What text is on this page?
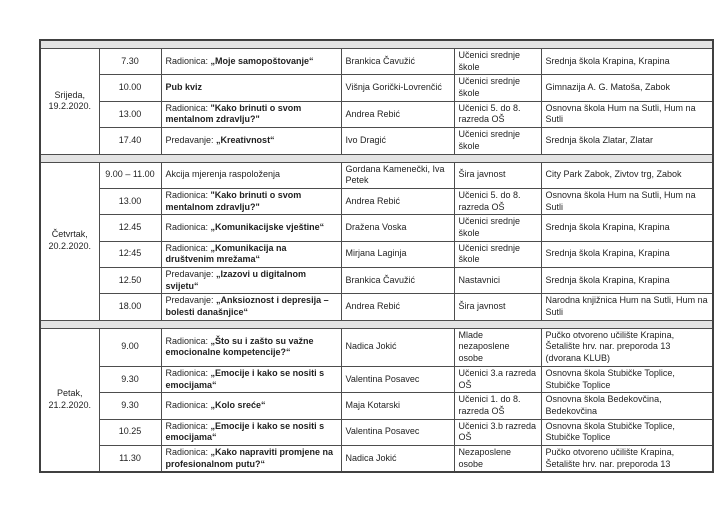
Srijeda,
19.2.2020.	7.30	Radionica: „Moje samopoštovanje“	Brankica Čavužić	Učenici srednje škole	Srednja škola Krapina, Krapina
	10.00	Pub kviz	Višnja Gorički-Lovrenčić	Učenici srednje škole	Gimnazija A. G. Matoša, Zabok
	13.00	Radionica: "Kako brinuti o svom mentalnom zdravlju?"	Andrea Rebić	Učenici 5. do 8. razreda OŠ	Osnovna škola Hum na Sutli, Hum na Sutli
	17.40	Predavanje: „Kreativnost“	Ivo Dragić	Učenici srednje škole	Srednja škola Zlatar, Zlatar

Četvrtak,
20.2.2020.	9.00 – 11.00	Akcija mjerenja raspoloženja	Gordana Kamenečki, Iva Petek	Šira javnost	City Park Zabok, Zivtov trg, Zabok
	13.00	Radionica: "Kako brinuti o svom mentalnom zdravlju?"	Andrea Rebić	Učenici 5. do 8. razreda OŠ	Osnovna škola Hum na Sutli, Hum na Sutli
	12.45	Radionica: „Komunikacijske vještine“	Dražena Voska	Učenici srednje škole	Srednja škola Krapina, Krapina
	12:45	Radionica: „Komunikacija na društvenim mrežama“	Mirjana Laginja	Učenici srednje škole	Srednja škola Krapina, Krapina
	12.50	Predavanje: „Izazovi u digitalnom svijetu“	Brankica Čavužić	Nastavnici	Srednja škola Krapina, Krapina
	18.00	Predavanje: „Anksioznost i depresija – bolesti današnjice“	Andrea Rebić	Šira javnost	Narodna knjižnica Hum na Sutli, Hum na Sutli

Petak,
21.2.2020.	9.00	Radionica: „Što su i zašto su važne emocionalne kompetencije?“	Nadica Jokić	Mlade nezaposlene osobe	Pučko otvoreno učilište Krapina, Šetalište hrv. nar. preporoda 13 (dvorana KLUB)
	9.30	Radionica: „Emocije i kako se nositi s emocijama“	Valentina Posavec	Učenici 3.a razreda OŠ	Osnovna škola Stubičke Toplice, Stubičke Toplice
	9.30	Radionica: „Kolo sreće“	Maja Kotarski	Učenici 1. do 8. razreda OŠ	Osnovna škola Bedekovčina, Bedekovčina
	10.25	Radionica: „Emocije i kako se nositi s emocijama“	Valentina Posavec	Učenici 3.b razreda OŠ	Osnovna škola Stubičke Toplice, Stubičke Toplice
	11.30	Radionica: „Kako napraviti promjene na profesionalnom putu?“	Nadica Jokić	Nezaposlene osobe	Pučko otvoreno učilište Krapina, Šetalište hrv. nar. preporoda 13
